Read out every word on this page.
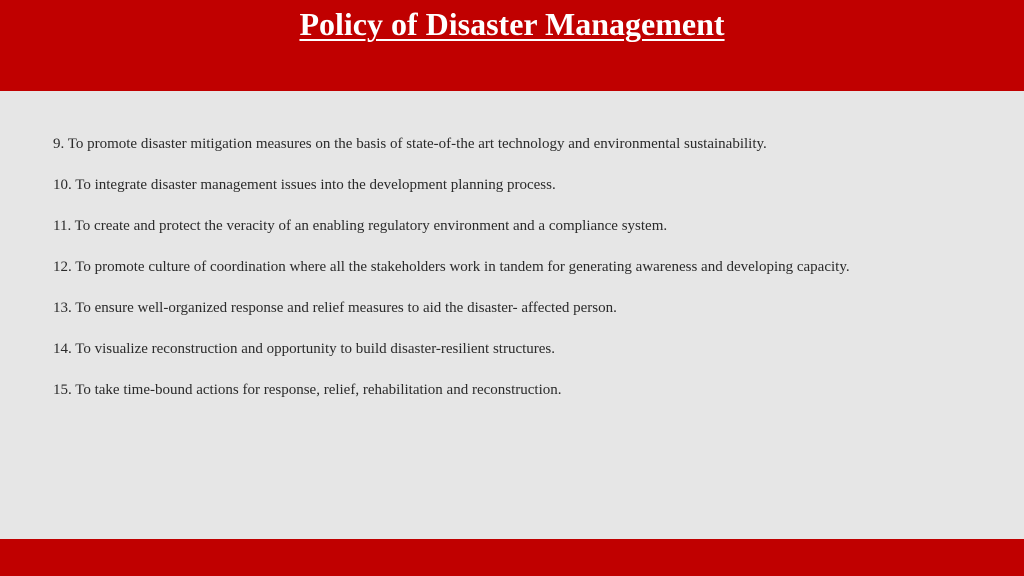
Policy of Disaster Management
9. To promote disaster mitigation measures on the basis of state-of-the art technology and environmental sustainability.
10. To integrate disaster management issues into the development planning process.
11. To create and protect the veracity of an enabling regulatory environment and a compliance system.
12. To promote culture of coordination where all the stakeholders work in tandem for generating awareness and developing capacity.
13. To ensure well-organized response and relief measures to aid the disaster- affected person.
14. To visualize reconstruction and opportunity to build disaster-resilient structures.
15. To take time-bound actions for response, relief, rehabilitation and reconstruction.
